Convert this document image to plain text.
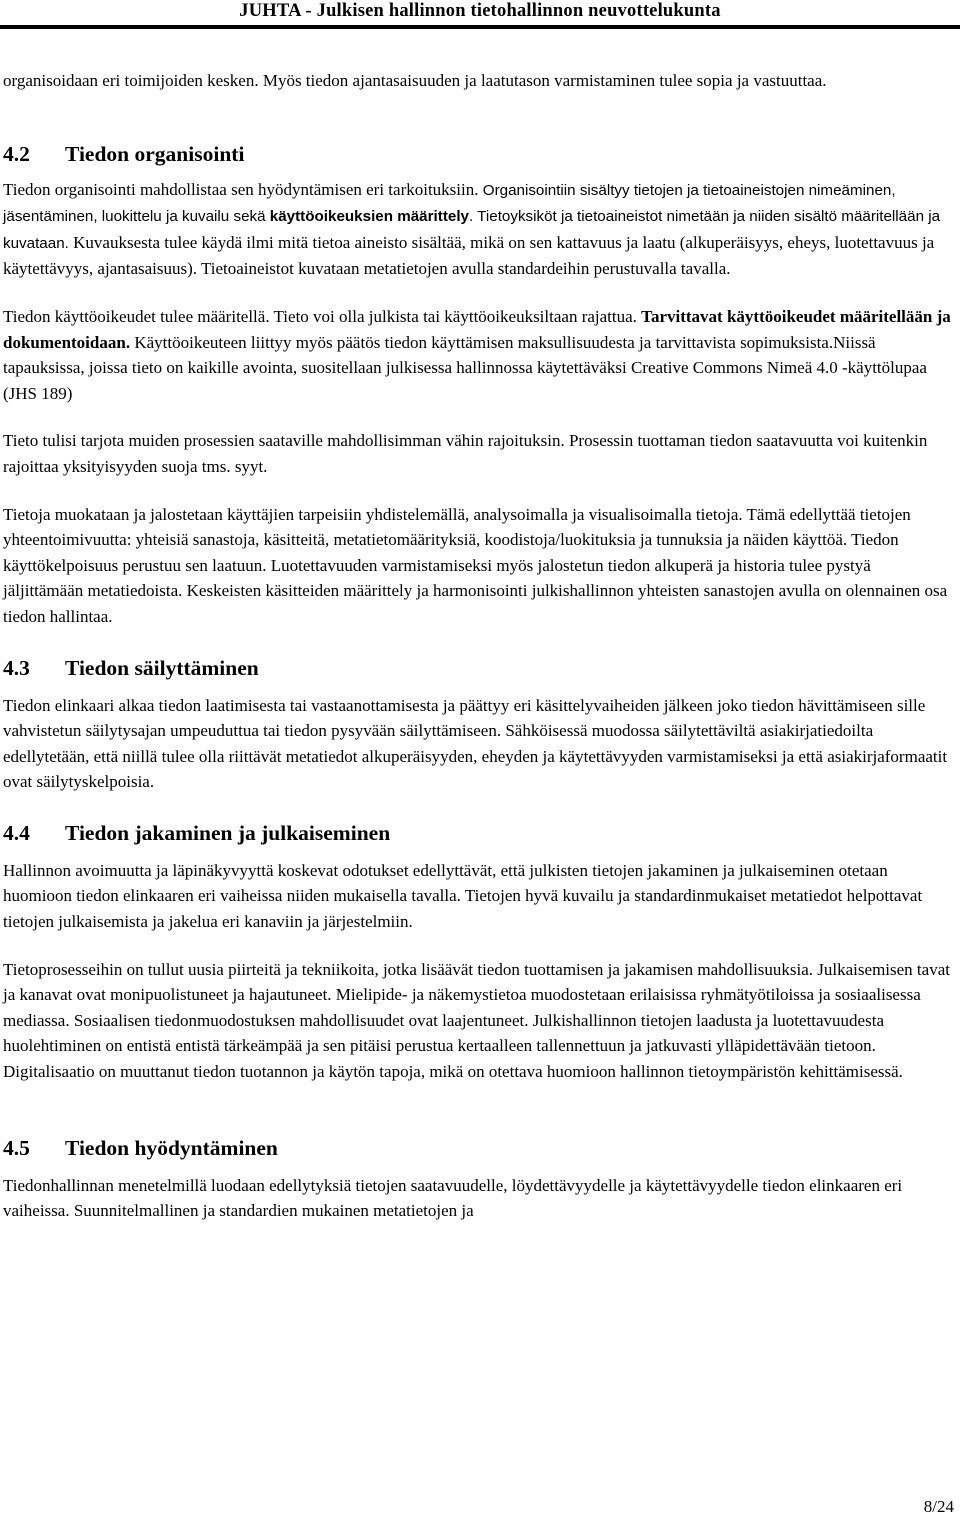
JUHTA - Julkisen hallinnon tietohallinnon neuvottelukunta

organisoidaan eri toimijoiden kesken. Myös tiedon ajantasaisuuden ja laatutason varmistaminen tulee sopia ja vastuuttaa.

4.2	Tiedon organisointi

Tiedon organisointi mahdollistaa sen hyödyntämisen eri tarkoituksiin. Organisointiin sisältyy tietojen ja tietoaineistojen nimeäminen, jäsentäminen, luokittelu ja kuvailu sekä käyttöoikeuksien määrittely. Tietoyksiköt ja tietoaineistot nimetään ja niiden sisältö määritellään ja kuvataan. Kuvauksesta tulee käydä ilmi mitä tietoa aineisto sisältää, mikä on sen kattavuus ja laatu (alkuperäisyys, eheys, luotettavuus ja käytettävyys, ajantasaisuus). Tietoaineistot kuvataan metatietojen avulla standardeihin perustuvalla tavalla.

Tiedon käyttöoikeudet tulee määritellä. Tieto voi olla julkista tai käyttöoikeuksiltaan rajattua. Tarvittavat käyttöoikeudet määritellään ja dokumentoidaan. Käyttöoikeuteen liittyy myös päätös tiedon käyttämisen maksullisuudesta ja tarvittavista sopimuksista.Niissä tapauksissa, joissa tieto on kaikille avointa, suositellaan julkisessa hallinnossa käytettäväksi Creative Commons Nimeä 4.0 -käyttölupaa (JHS 189)

Tieto tulisi tarjota muiden prosessien saataville mahdollisimman vähin rajoituksin. Prosessin tuottaman tiedon saatavuutta voi kuitenkin rajoittaa yksityisyyden suoja tms. syyt.

Tietoja muokataan ja jalostetaan käyttäjien tarpeisiin yhdistelemällä, analysoimalla ja visualisoimalla tietoja. Tämä edellyttää tietojen yhteentoimivuutta: yhteisiä sanastoja, käsitteitä, metatietomäärityksiä, koodistoja/luokituksia ja tunnuksia ja näiden käyttöä. Tiedon käyttökelpoisuus perustuu sen laatuun. Luotettavuuden varmistamiseksi myös jalostetun tiedon alkuperä ja historia tulee pystyä jäljittämään metatiedoista. Keskeisten käsitteiden määrittely ja harmonisointi julkishallinnon yhteisten sanastojen avulla on olennainen osa tiedon hallintaa.

4.3	Tiedon säilyttäminen

Tiedon elinkaari alkaa tiedon laatimisesta tai vastaanottamisesta ja päättyy eri käsittelyvaiheiden jälkeen joko tiedon hävittämiseen sille vahvistetun säilytysajan umpeuduttua tai tiedon pysyvään säilyttämiseen. Sähköisessä muodossa säilytettäviltä asiakirjatiedoilta edellytetään, että niillä tulee olla riittävät metatiedot alkuperäisyyden, eheyden ja käytettävyyden varmistamiseksi ja että asiakirjaformaatit ovat säilytyskelpoisia.

4.4	Tiedon jakaminen ja julkaiseminen

Hallinnon avoimuutta ja läpinäkyvyyttä koskevat odotukset edellyttävät, että julkisten tietojen jakaminen ja julkaiseminen otetaan huomioon tiedon elinkaaren eri vaiheissa niiden mukaisella tavalla. Tietojen hyvä kuvailu ja standardinmukaiset metatiedot helpottavat tietojen julkaisemista ja jakelua eri kanaviin ja järjestelmiin.

Tietoprosesseihin on tullut uusia piirteitä ja tekniikoita, jotka lisäävät tiedon tuottamisen ja jakamisen mahdollisuuksia. Julkaisemisen tavat ja kanavat ovat monipuolistuneet ja hajautuneet. Mielipide- ja näkemystietoa muodostetaan erilaisissa ryhmätyötiloissa ja sosiaalisessa mediassa. Sosiaalisen tiedonmuodostuksen mahdollisuudet ovat laajentuneet. Julkishallinnon tietojen laadusta ja luotettavuudesta huolehtiminen on entistä entistä tärkeämpää ja sen pitäisi perustua kertaalleen tallennettuun ja jatkuvasti ylläpidettävään tietoon. Digitalisaatio on muuttanut tiedon tuotannon ja käytön tapoja, mikä on otettava huomioon hallinnon tietoympäristön kehittämisessä.

4.5	Tiedon hyödyntäminen

Tiedonhallinnan menetelmillä luodaan edellytyksiä tietojen saatavuudelle, löydettävyydelle ja käytettävyydelle tiedon elinkaaren eri vaiheissa. Suunnitelmallinen ja standardien mukainen metatietojen ja

8/24
